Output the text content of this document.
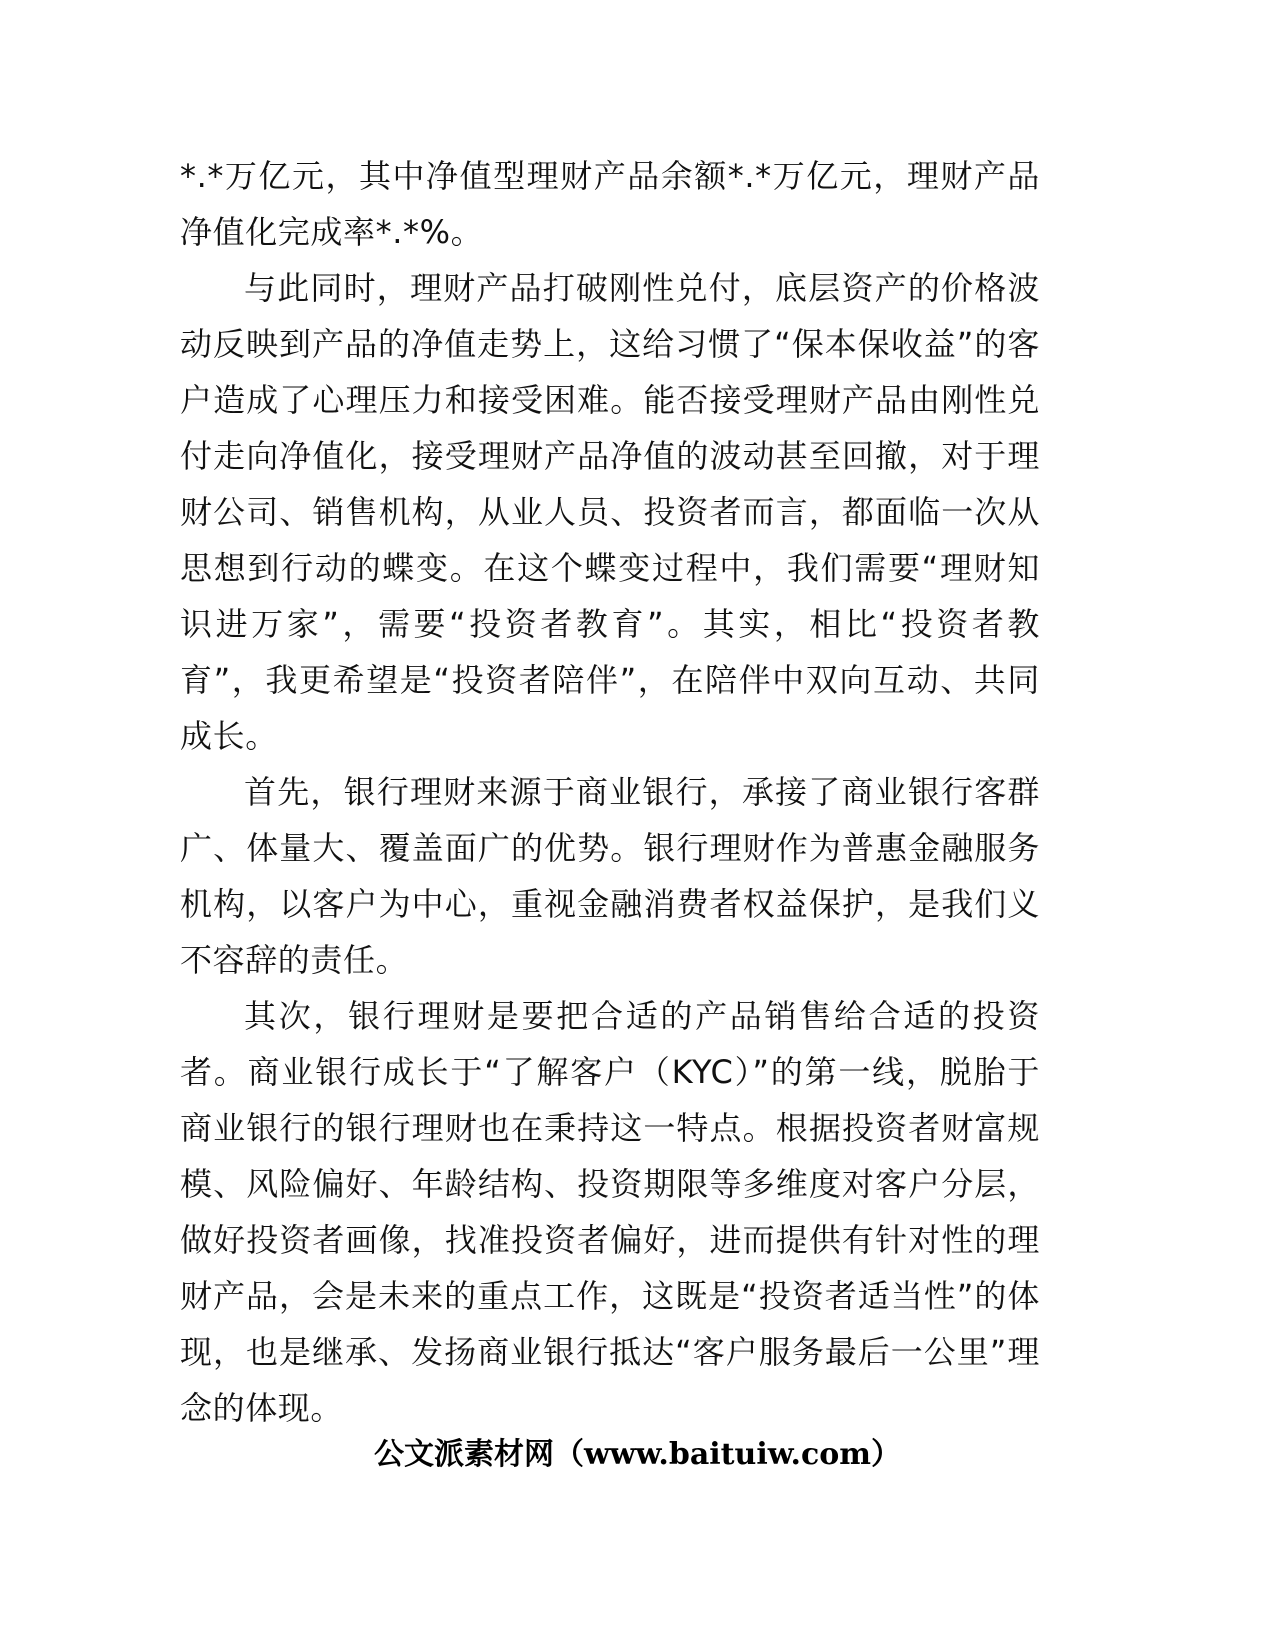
*.*万亿元，其中净值型理财产品余额*.*万亿元，理财产品净值化完成率*.*%。

与此同时，理财产品打破刚性兑付，底层资产的价格波动反映到产品的净值走势上，这给习惯了“保本保收益”的客户造成了心理压力和接受困难。能否接受理财产品由刚性兑付走向净值化，接受理财产品净值的波动甚至回撤，对于理财公司、销售机构，从业人员、投资者而言，都面临一次从思想到行动的蝶变。在这个蝶变过程中，我们需要“理财知识进万家”，需要“投资者教育”。其实，相比“投资者教育”，我更希望是“投资者陪伴”，在陪伴中双向互动、共同成长。

首先，银行理财来源于商业银行，承接了商业银行客群广、体量大、覆盖面广的优势。银行理财作为普惠金融服务机构，以客户为中心，重视金融消费者权益保护，是我们义不容辞的责任。

其次，银行理财是要把合适的产品销售给合适的投资者。商业银行成长于“了解客户（KYC）”的第一线，脱胎于商业银行的银行理财也在秉持这一特点。根据投资者财富规模、风险偏好、年龄结构、投资期限等多维度对客户分层，做好投资者画像，找准投资者偏好，进而提供有针对性的理财产品，会是未来的重点工作，这既是“投资者适当性”的体现，也是继承、发扬商业银行抵达“客户服务最后一公里”理念的体现。

公文派素材网（www.baituiw.com）
